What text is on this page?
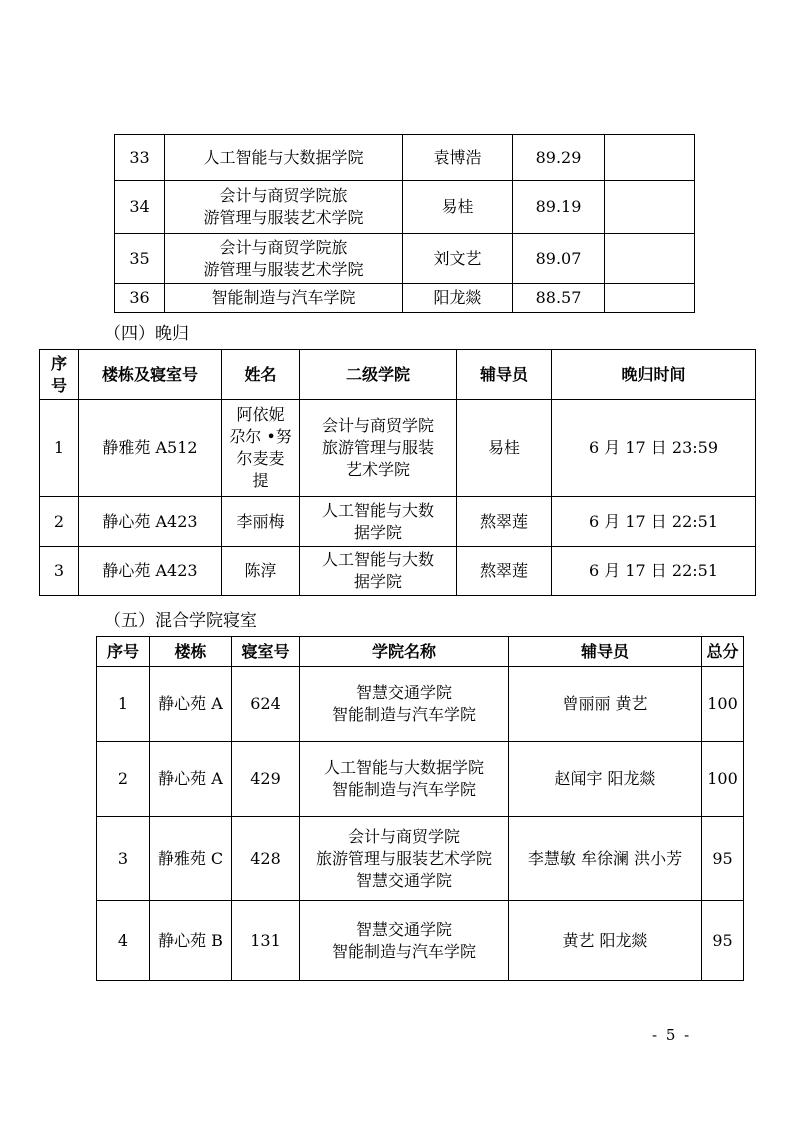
33	人工智能与大数据学院	袁博浩	89.29	
34	会计与商贸学院旅
游管理与服装艺术学院	易桂	89.19	
35	会计与商贸学院旅
游管理与服装艺术学院	刘文艺	89.07	
36	智能制造与汽车学院	阳龙燚	88.57	
（四）晚归
序
号	楼栋及寝室号	姓名	二级学院	辅导员	晚归时间
1	静雅苑 A512	阿依妮
尕尔 •努
尔麦麦
提	会计与商贸学院
旅游管理与服装
艺术学院	易桂	6 月 17 日 23:59
2	静心苑 A423	李丽梅	人工智能与大数
据学院	熬翠莲	6 月 17 日 22:51
3	静心苑 A423	陈淳	人工智能与大数
据学院	熬翠莲	6 月 17 日 22:51
（五）混合学院寝室
序号	楼栋	寝室号	学院名称	辅导员	总分
1	静心苑 A	624	智慧交通学院
智能制造与汽车学院	曾丽丽 黄艺	100
2	静心苑 A	429	人工智能与大数据学院
智能制造与汽车学院	赵闻宇 阳龙燚	100
3	静雅苑 C	428	会计与商贸学院
旅游管理与服装艺术学院
智慧交通学院	李慧敏 牟徐澜 洪小芳	95
4	静心苑 B	131	智慧交通学院
智能制造与汽车学院	黄艺 阳龙燚	95
- 5 -
